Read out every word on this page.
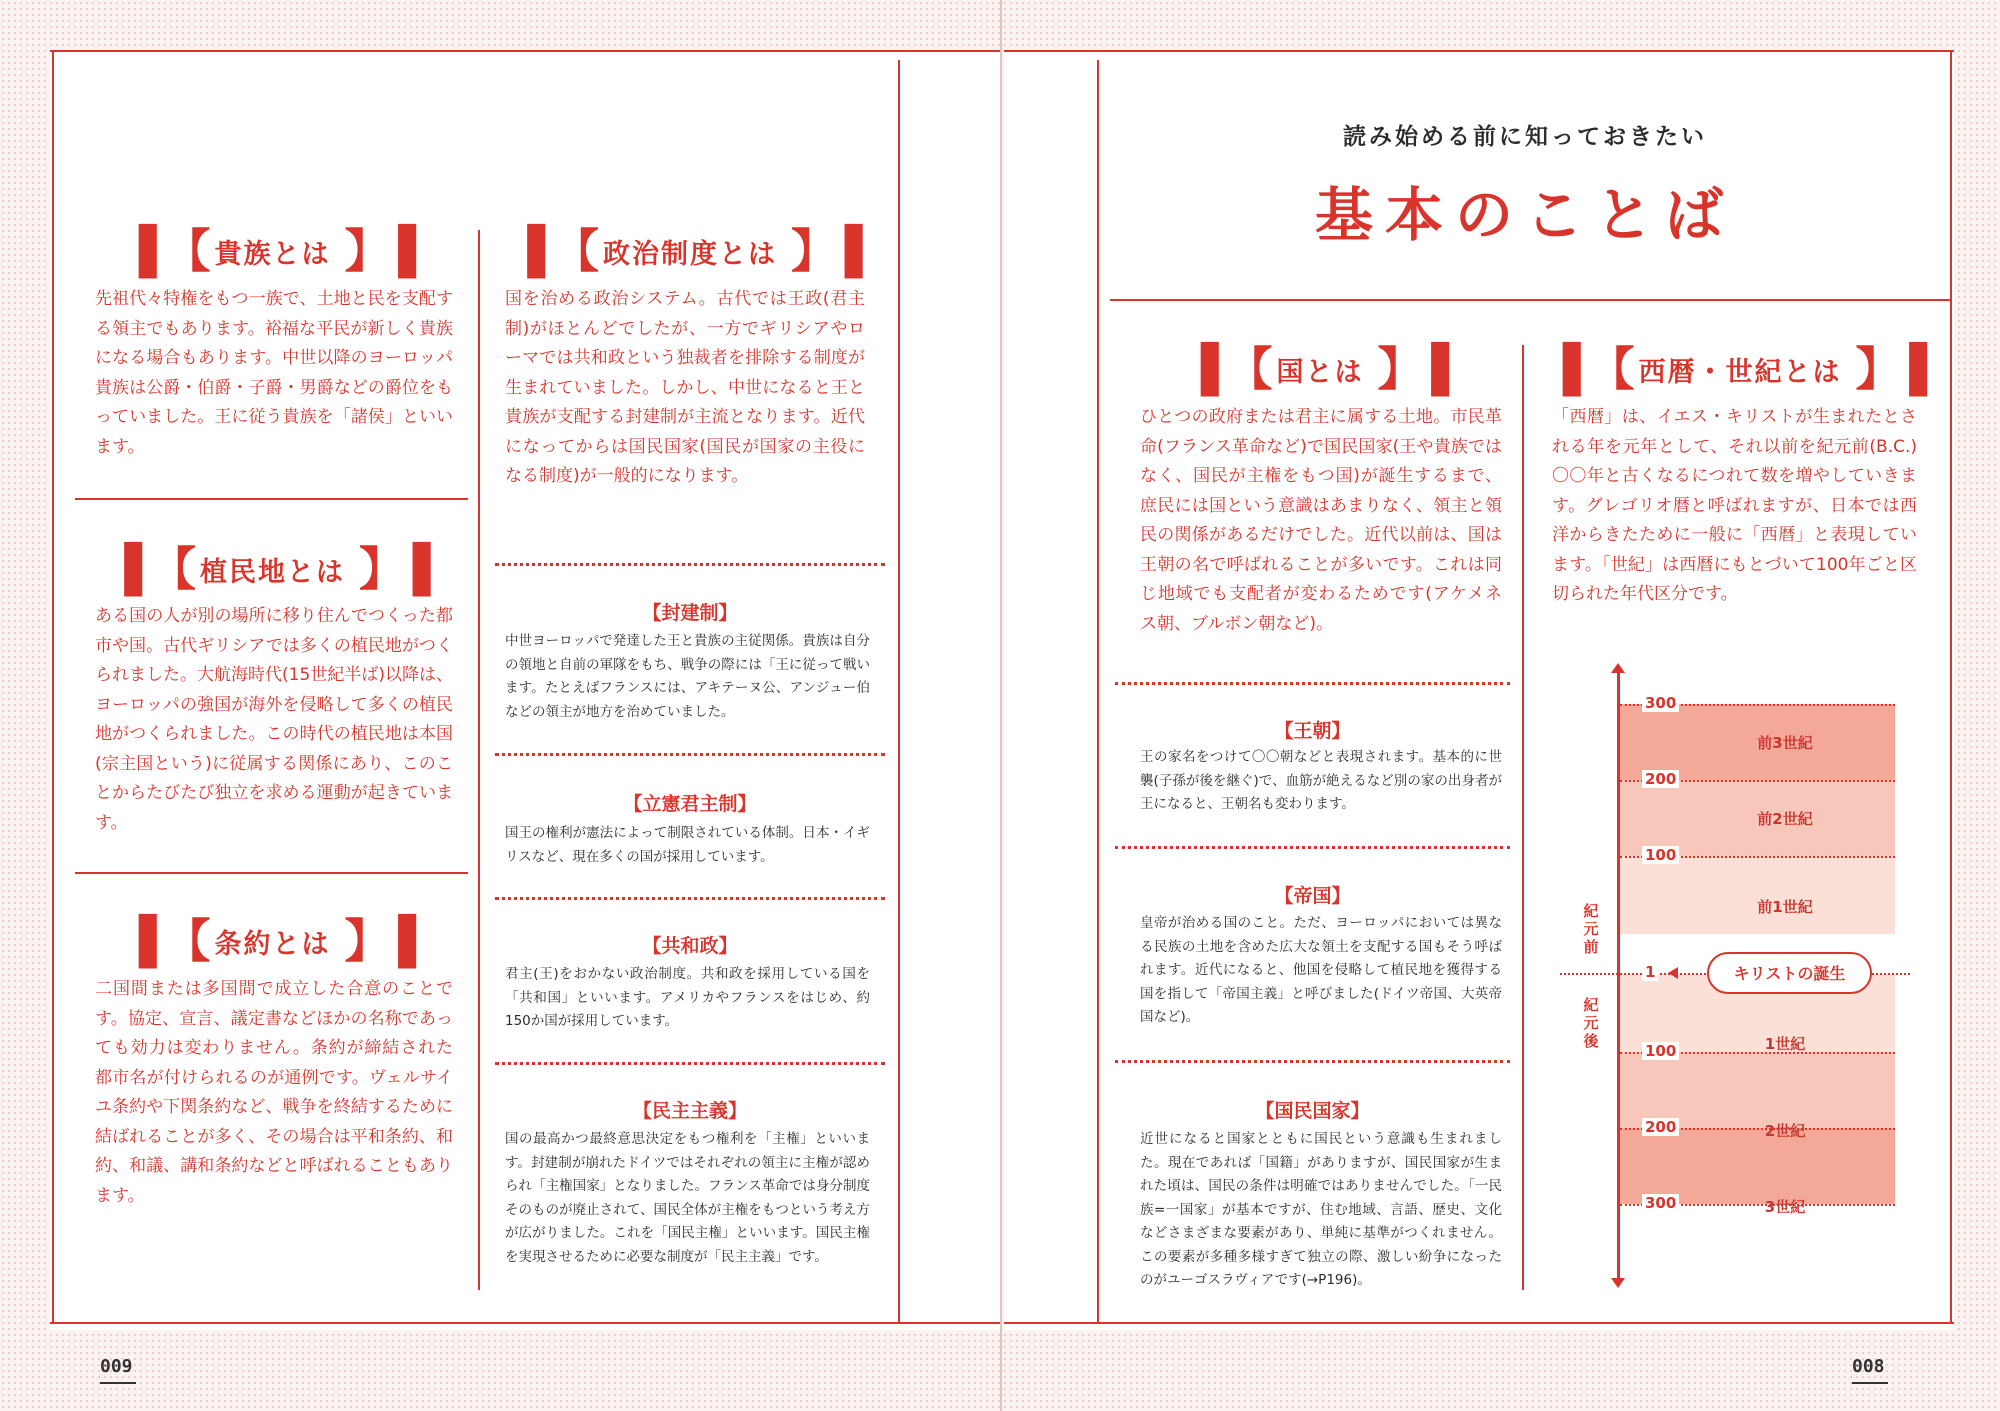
▌【 貴族とは 】▐

先祖代々特権をもつ一族で、土地と民を支配する領主でもあります。裕福な平民が新しく貴族になる場合もあります。中世以降のヨーロッパ貴族は公爵・伯爵・子爵・男爵などの爵位をもっていました。王に従う貴族を「諸侯」といいます。

▌【 植民地とは 】▐

ある国の人が別の場所に移り住んでつくった都市や国。古代ギリシアでは多くの植民地がつくられました。大航海時代(15世紀半ば)以降は、ヨーロッパの強国が海外を侵略して多くの植民地がつくられました。この時代の植民地は本国(宗主国という)に従属する関係にあり、このことからたびたび独立を求める運動が起きています。

▌【 条約とは 】▐

二国間または多国間で成立した合意のことです。協定、宣言、議定書などほかの名称であっても効力は変わりません。条約が締結された都市名が付けられるのが通例です。ヴェルサイユ条約や下関条約など、戦争を終結するために結ばれることが多く、その場合は平和条約、和約、和議、講和条約などと呼ばれることもあります。

▌【 政治制度とは 】▐

国を治める政治システム。古代では王政(君主制)がほとんどでしたが、一方でギリシアやローマでは共和政という独裁者を排除する制度が生まれていました。しかし、中世になると王と貴族が支配する封建制が主流となります。近代になってからは国民国家(国民が国家の主役になる制度)が一般的になります。

【封建制】

中世ヨーロッパで発達した王と貴族の主従関係。貴族は自分の領地と自前の軍隊をもち、戦争の際には「王に従って戦います。たとえばフランスには、アキテーヌ公、アンジュー伯などの領主が地方を治めていました。

【立憲君主制】

国王の権利が憲法によって制限されている体制。日本・イギリスなど、現在多くの国が採用しています。

【共和政】

君主(王)をおかない政治制度。共和政を採用している国を「共和国」といいます。アメリカやフランスをはじめ、約150か国が採用しています。

【民主主義】

国の最高かつ最終意思決定をもつ権利を「主権」といいます。封建制が崩れたドイツではそれぞれの領主に主権が認められ「主権国家」となりました。フランス革命では身分制度そのものが廃止されて、国民全体が主権をもつという考え方が広がりました。これを「国民主権」といいます。国民主権を実現させるために必要な制度が「民主主義」です。

009
読み始める前に知っておきたい
基本のことば
▌【 国とは 】▐

ひとつの政府または君主に属する土地。市民革命(フランス革命など)で国民国家(王や貴族ではなく、国民が主権をもつ国)が誕生するまで、庶民には国という意識はあまりなく、領主と領民の関係があるだけでした。近代以前は、国は王朝の名で呼ばれることが多いです。これは同じ地域でも支配者が変わるためです(アケメネス朝、ブルボン朝など)。

▌【 西暦・世紀とは 】▐

「西暦」は、イエス・キリストが生まれたとされる年を元年として、それ以前を紀元前(B.C.)〇〇年と古くなるにつれて数を増やしていきます。グレゴリオ暦と呼ばれますが、日本では西洋からきたために一般に「西暦」と表現しています。「世紀」は西暦にもとづいて100年ごと区切られた年代区分です。

【王朝】

王の家名をつけて〇〇朝などと表現されます。基本的に世襲(子孫が後を継ぐ)で、血筋が絶えるなど別の家の出身者が王になると、王朝名も変わります。

【帝国】

皇帝が治める国のこと。ただ、ヨーロッパにおいては異なる民族の土地を含めた広大な領土を支配する国もそう呼ばれます。近代になると、他国を侵略して植民地を獲得する国を指して「帝国主義」と呼びました(ドイツ帝国、大英帝国など)。

【国民国家】

近世になると国家とともに国民という意識も生まれました。現在であれば「国籍」がありますが、国民国家が生まれた頃は、国民の条件は明確ではありませんでした。「一民族=一国家」が基本ですが、住む地域、言語、歴史、文化などさまざまな要素があり、単純に基準がつくれません。この要素が多種多様すぎて独立の際、激しい紛争になったのがユーゴスラヴィアです(→P196)。

300
200
100
1
100
200
300
前3世紀
前2世紀
前1世紀
1世紀
2世紀
3世紀
紀元前
紀元後
キリストの誕生
008
